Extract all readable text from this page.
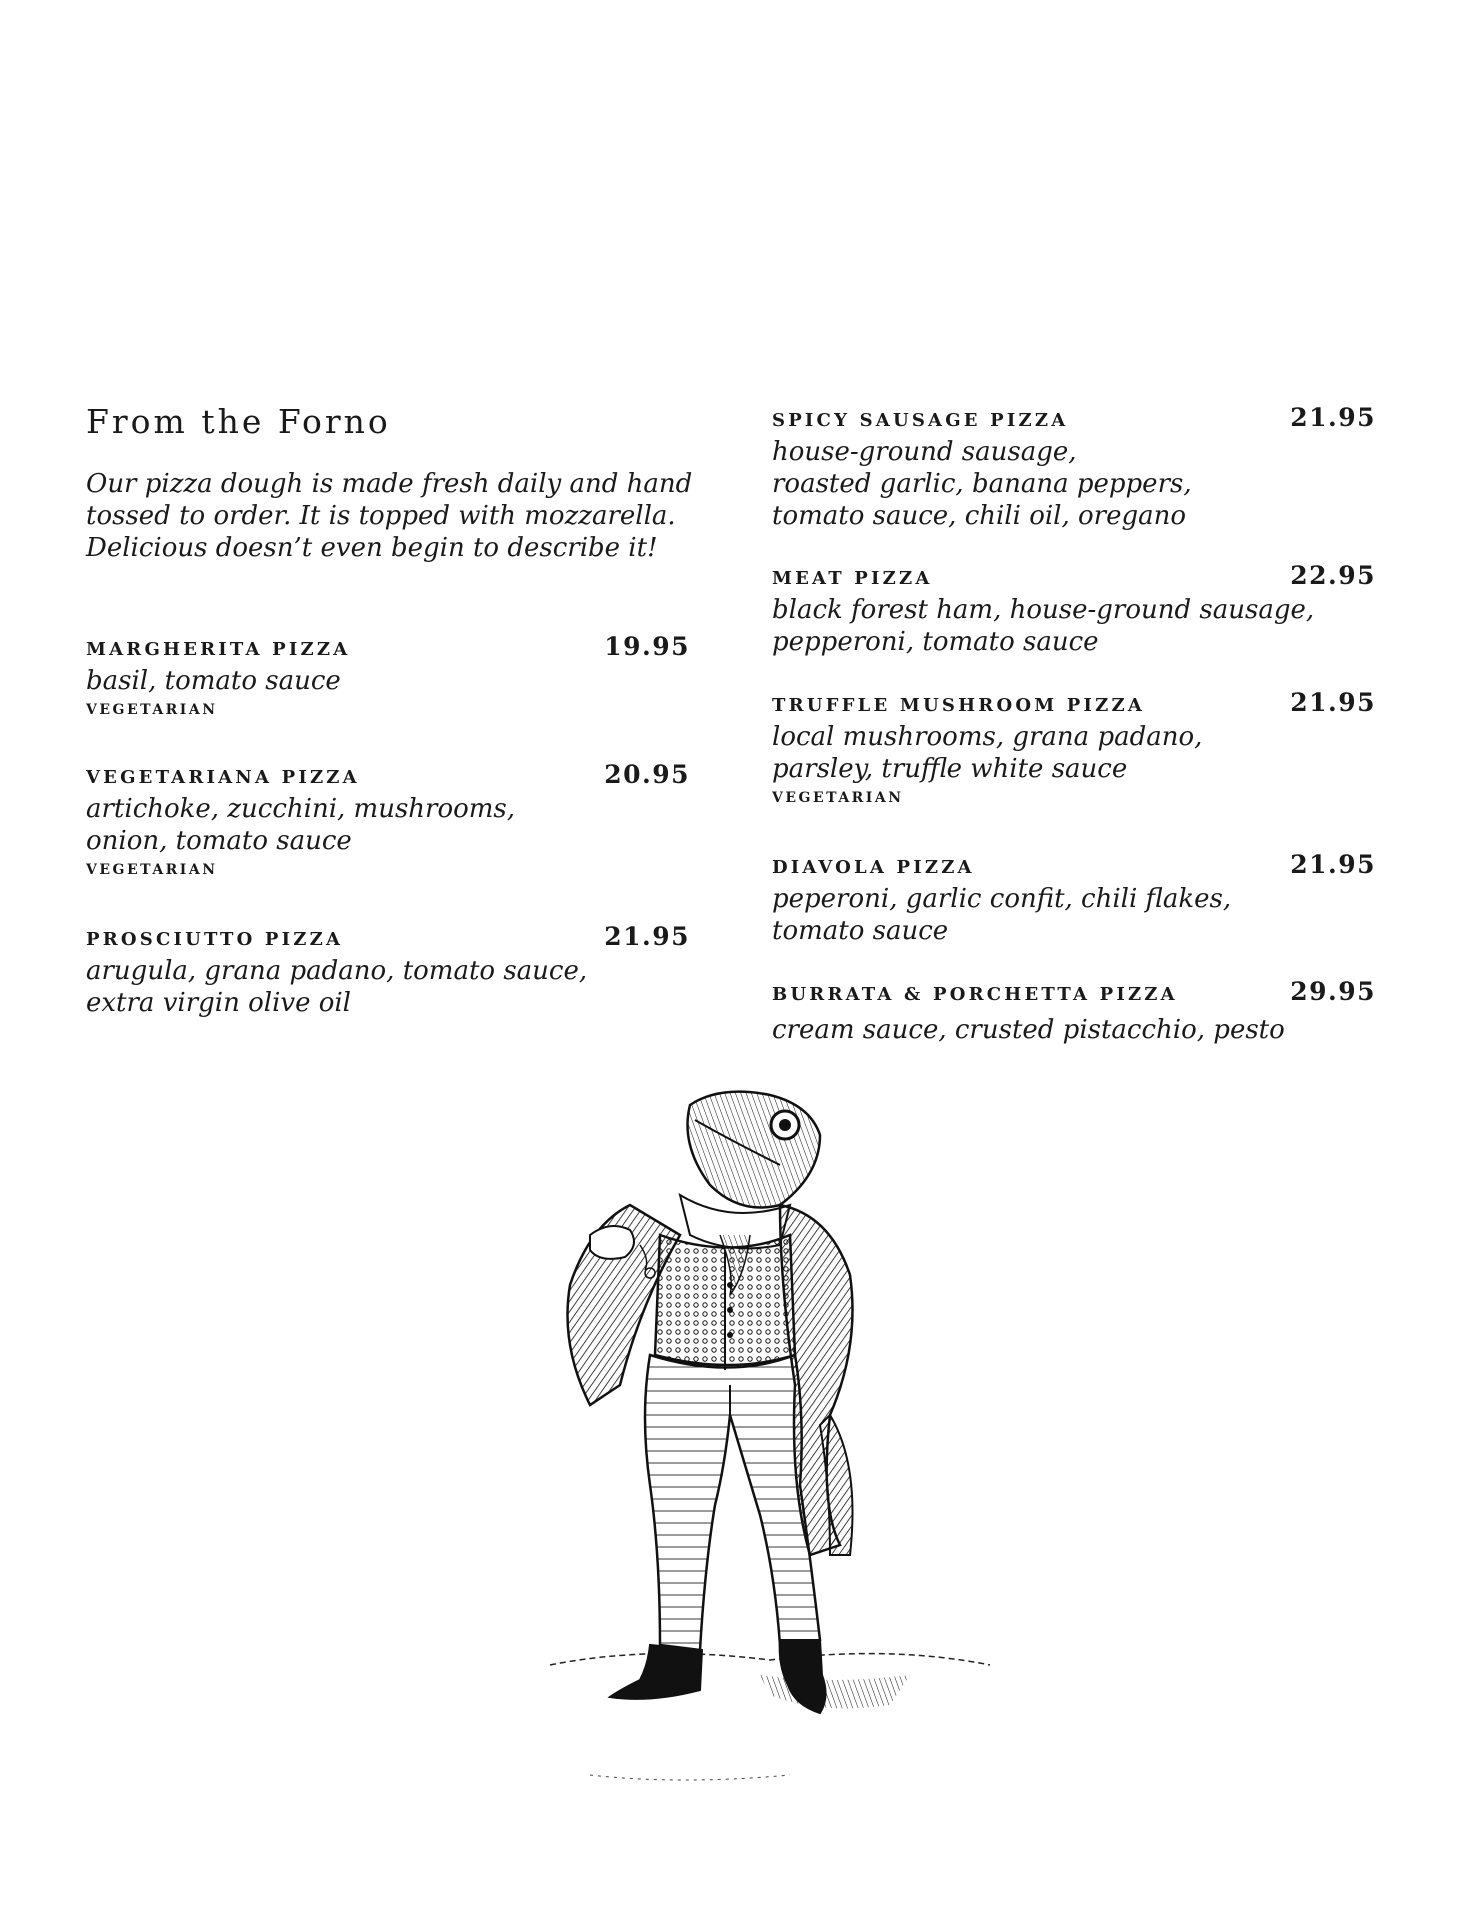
From the Forno
Our pizza dough is made fresh daily and hand
tossed to order. It is topped with mozzarella.
Delicious doesn’t even begin to describe it!
MARGHERITA PIZZA	19.95
basil, tomato sauce
VEGETARIAN
VEGETARIANA PIZZA	20.95
artichoke, zucchini, mushrooms,
onion, tomato sauce
VEGETARIAN
PROSCIUTTO PIZZA	21.95
arugula, grana padano, tomato sauce,
extra virgin olive oil
SPICY SAUSAGE PIZZA	21.95
house-ground sausage,
roasted garlic, banana peppers,
tomato sauce, chili oil, oregano
MEAT PIZZA	22.95
black forest ham, house-ground sausage,
pepperoni, tomato sauce
TRUFFLE MUSHROOM PIZZA	21.95
local mushrooms, grana padano,
parsley, truffle white sauce
VEGETARIAN
DIAVOLA PIZZA	21.95
peperoni, garlic confit, chili flakes,
tomato sauce
BURRATA & PORCHETTA PIZZA	29.95
cream sauce, crusted pistacchio, pesto
